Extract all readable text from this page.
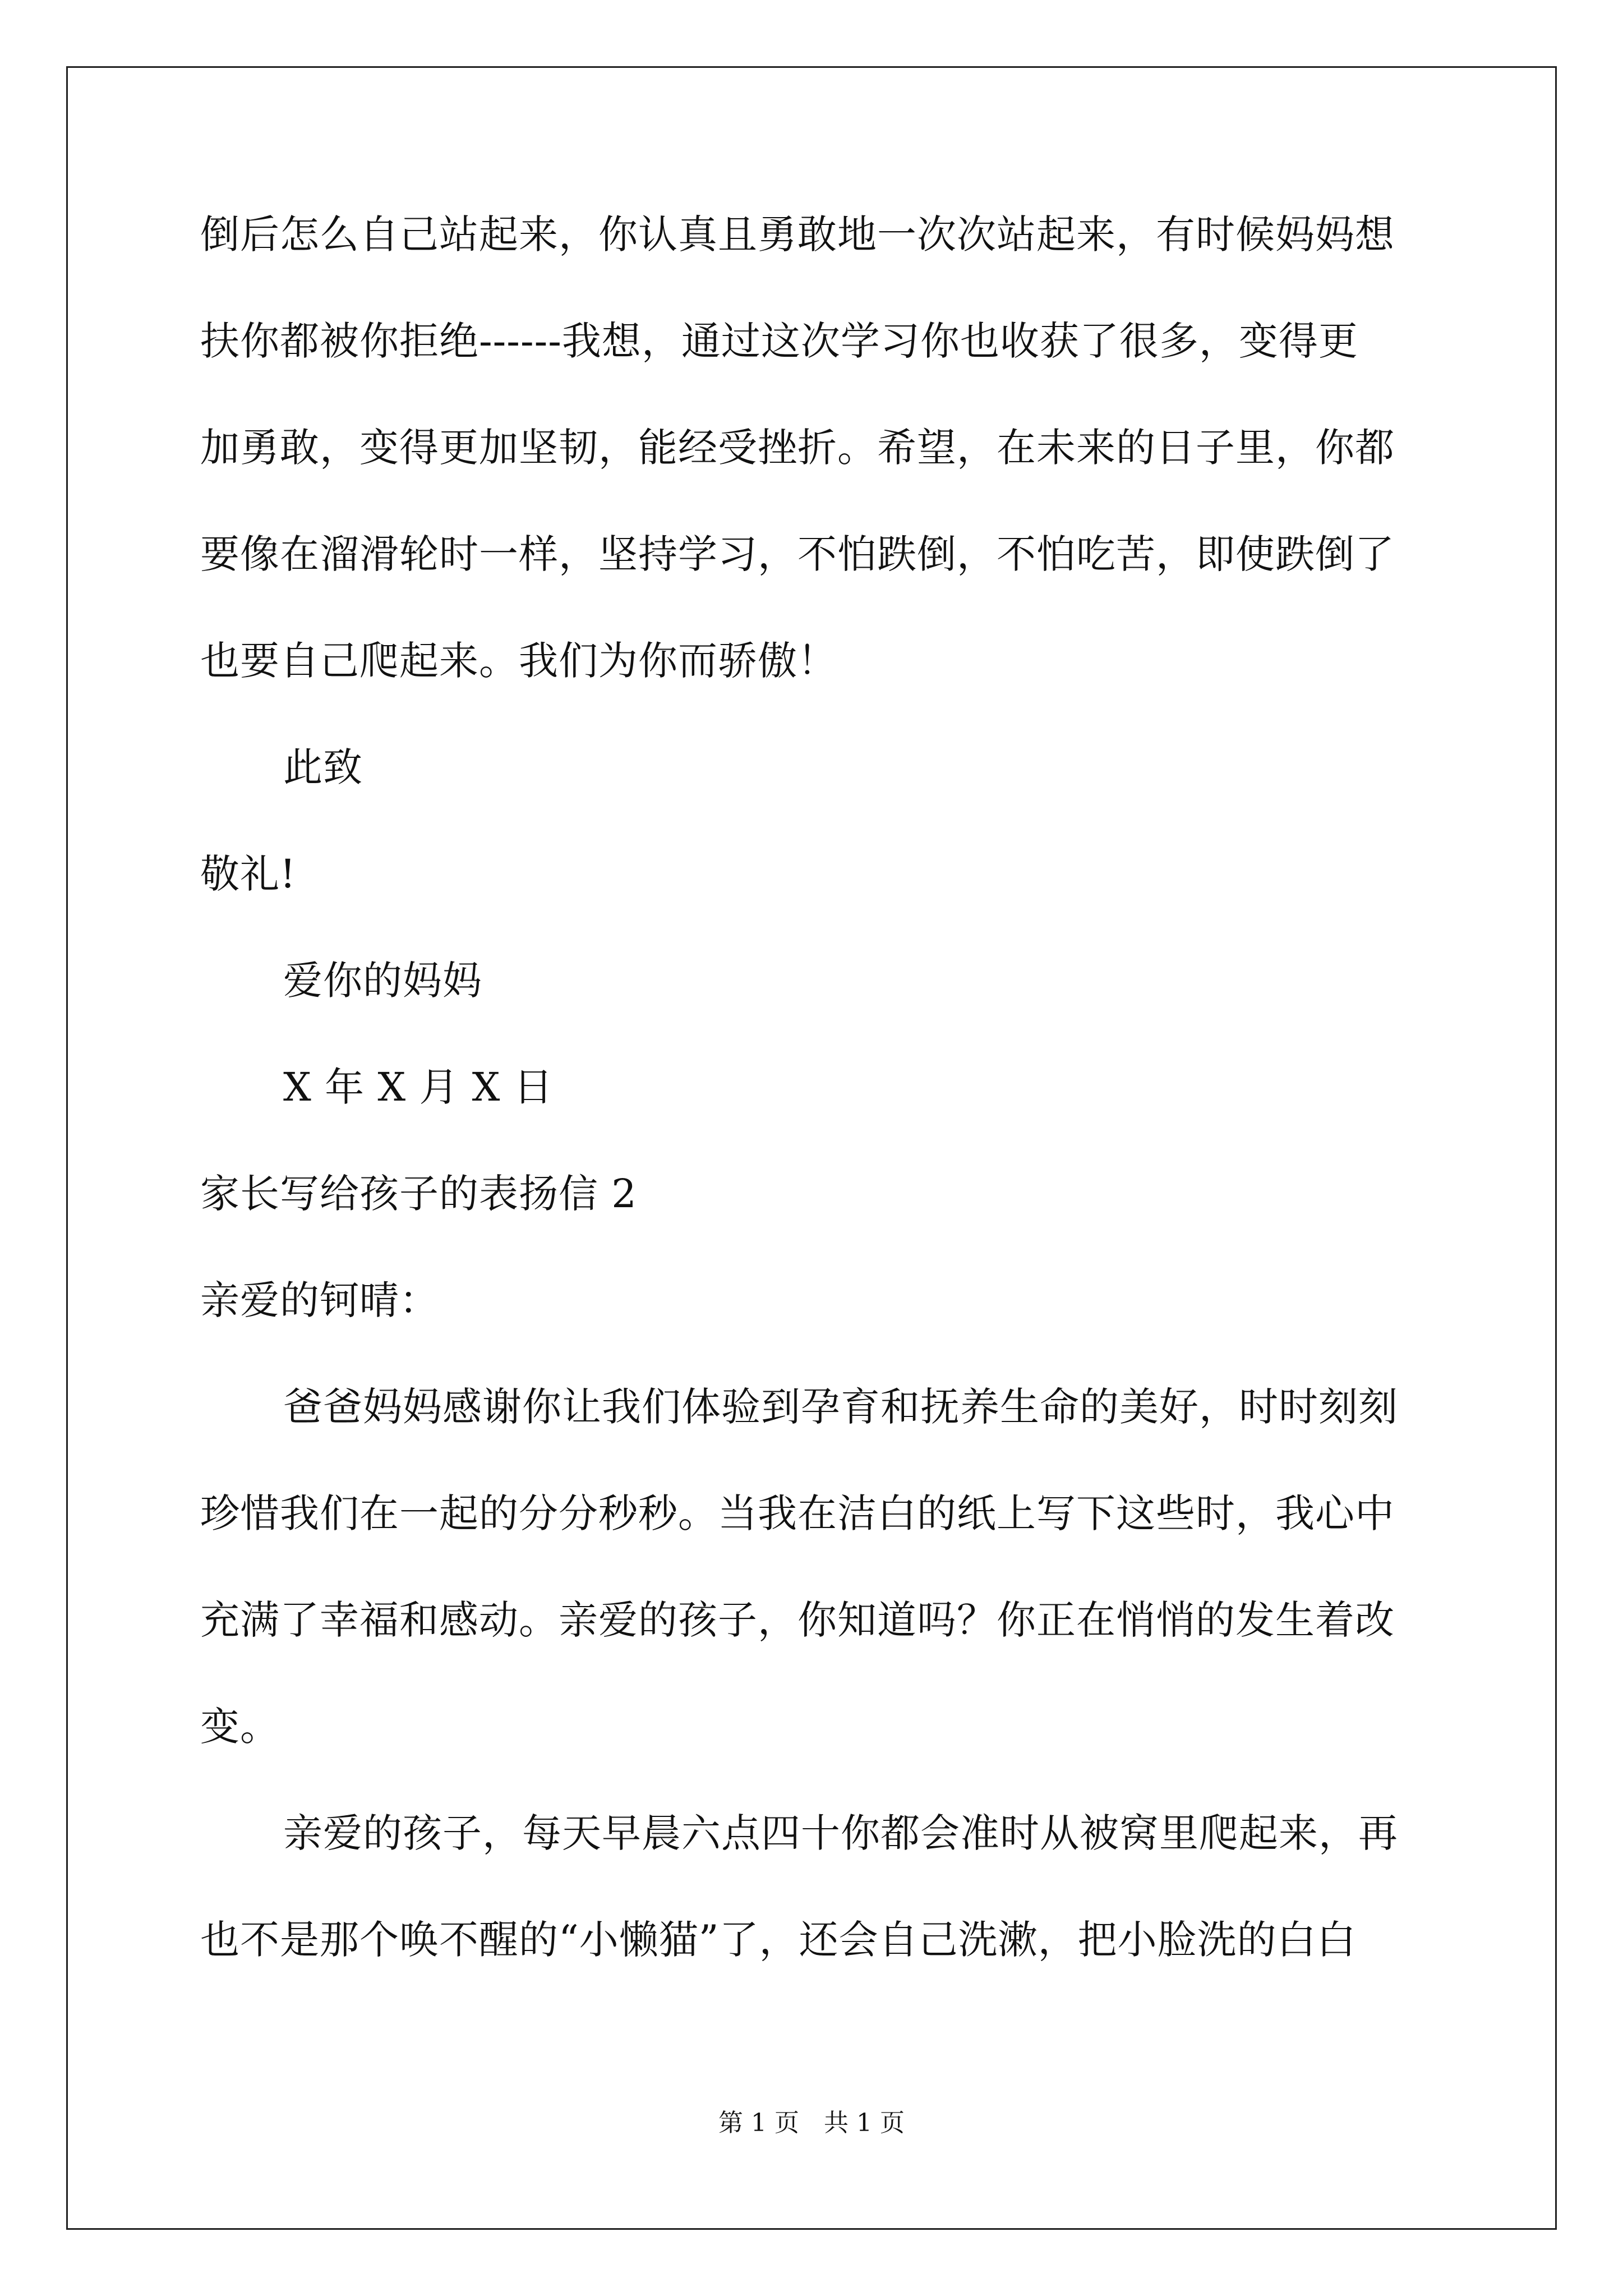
倒后怎么自己站起来，你认真且勇敢地一次次站起来，有时候妈妈想
扶你都被你拒绝------我想，通过这次学习你也收获了很多，变得更
加勇敢，变得更加坚韧，能经受挫折。希望，在未来的日子里，你都
要像在溜滑轮时一样，坚持学习，不怕跌倒，不怕吃苦，即使跌倒了
也要自己爬起来。我们为你而骄傲！
此致
敬礼!
爱你的妈妈
X 年 X 月 X 日
家长写给孩子的表扬信 2
亲爱的钶晴：
爸爸妈妈感谢你让我们体验到孕育和抚养生命的美好，时时刻刻
珍惜我们在一起的分分秒秒。当我在洁白的纸上写下这些时，我心中
充满了幸福和感动。亲爱的孩子，你知道吗？你正在悄悄的发生着改
变。
亲爱的孩子，每天早晨六点四十你都会准时从被窝里爬起来，再
也不是那个唤不醒的“小懒猫”了，还会自己洗漱，把小脸洗的白白
第 1 页　共 1 页
